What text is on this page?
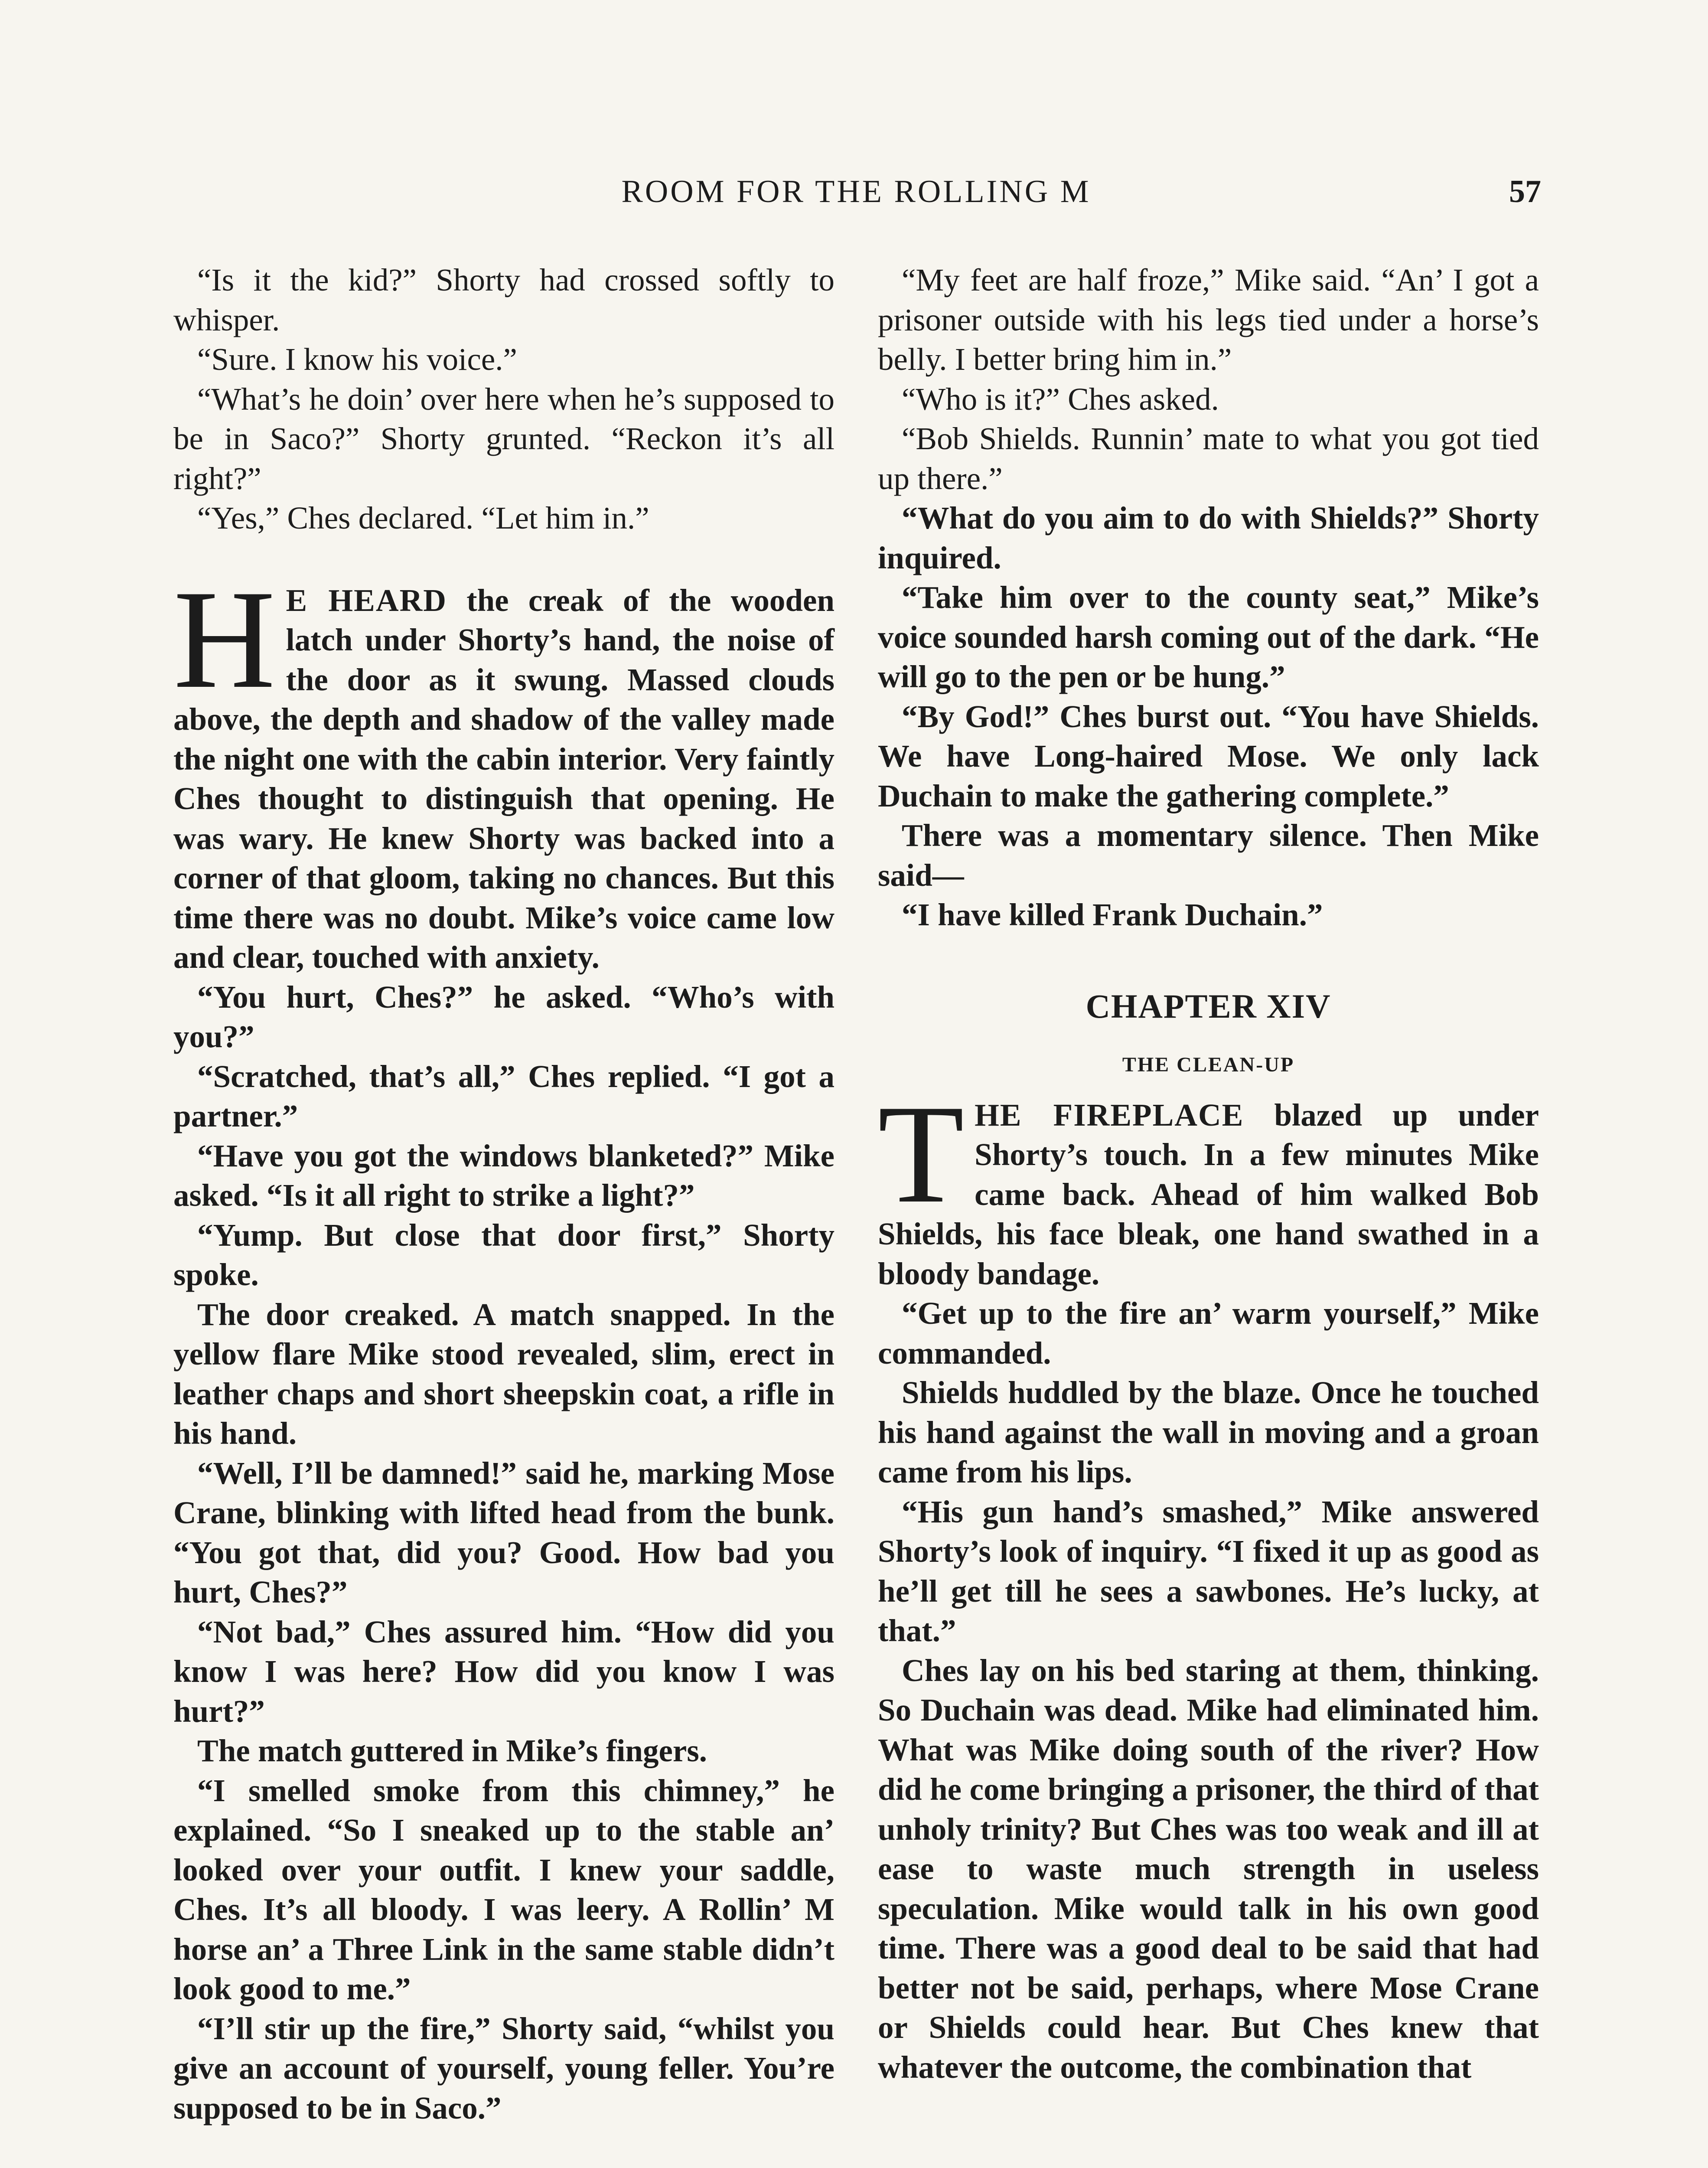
ROOM FOR THE ROLLING M	57

“Is it the kid?” Shorty had crossed softly to whisper.

“Sure. I know his voice.”

“What’s he doin’ over here when he’s supposed to be in Saco?” Shorty grunted. “Reckon it’s all right?”

“Yes,” Ches declared. “Let him in.”

H E HEARD the creak of the wooden latch under Shorty’s hand, the noise of the door as it swung. Massed clouds above, the depth and shadow of the valley made the night one with the cabin interior. Very faintly Ches thought to distinguish that opening. He was wary. He knew Shorty was backed into a corner of that gloom, taking no chances. But this time there was no doubt. Mike’s voice came low and clear, touched with anxiety.

“You hurt, Ches?” he asked. “Who’s with you?”

“Scratched, that’s all,” Ches replied. “I got a partner.”

“Have you got the windows blanketed?” Mike asked. “Is it all right to strike a light?”

“Yump. But close that door first,” Shorty spoke.

The door creaked. A match snapped. In the yellow flare Mike stood revealed, slim, erect in leather chaps and short sheepskin coat, a rifle in his hand.

“Well, I’ll be damned!” said he, marking Mose Crane, blinking with lifted head from the bunk. “You got that, did you? Good. How bad you hurt, Ches?”

“Not bad,” Ches assured him. “How did you know I was here? How did you know I was hurt?”

The match guttered in Mike’s fingers.

“I smelled smoke from this chimney,” he explained. “So I sneaked up to the stable an’ looked over your outfit. I knew your saddle, Ches. It’s all bloody. I was leery. A Rollin’ M horse an’ a Three Link in the same stable didn’t look good to me.”

“I’ll stir up the fire,” Shorty said, “whilst you give an account of yourself, young feller. You’re supposed to be in Saco.”

“My feet are half froze,” Mike said. “An’ I got a prisoner outside with his legs tied under a horse’s belly. I better bring him in.”

“Who is it?” Ches asked.

“Bob Shields. Runnin’ mate to what you got tied up there.”

“What do you aim to do with Shields?” Shorty inquired.

“Take him over to the county seat,” Mike’s voice sounded harsh coming out of the dark. “He will go to the pen or be hung.”

“By God!” Ches burst out. “You have Shields. We have Long-haired Mose. We only lack Duchain to make the gathering complete.”

There was a momentary silence. Then Mike said—

“I have killed Frank Duchain.”

CHAPTER XIV
THE CLEAN-UP

THE FIREPLACE blazed up under Shorty’s touch. In a few minutes Mike came back. Ahead of him walked Bob Shields, his face bleak, one hand swathed in a bloody bandage.

“Get up to the fire an’ warm yourself,” Mike commanded.

Shields huddled by the blaze. Once he touched his hand against the wall in moving and a groan came from his lips.

“His gun hand’s smashed,” Mike answered Shorty’s look of inquiry. “I fixed it up as good as he’ll get till he sees a sawbones. He’s lucky, at that.”

Ches lay on his bed staring at them, thinking. So Duchain was dead. Mike had eliminated him. What was Mike doing south of the river? How did he come bringing a prisoner, the third of that unholy trinity? But Ches was too weak and ill at ease to waste much strength in useless speculation. Mike would talk in his own good time. There was a good deal to be said that had better not be said, perhaps, where Mose Crane or Shields could hear. But Ches knew that whatever the outcome, the combination that
